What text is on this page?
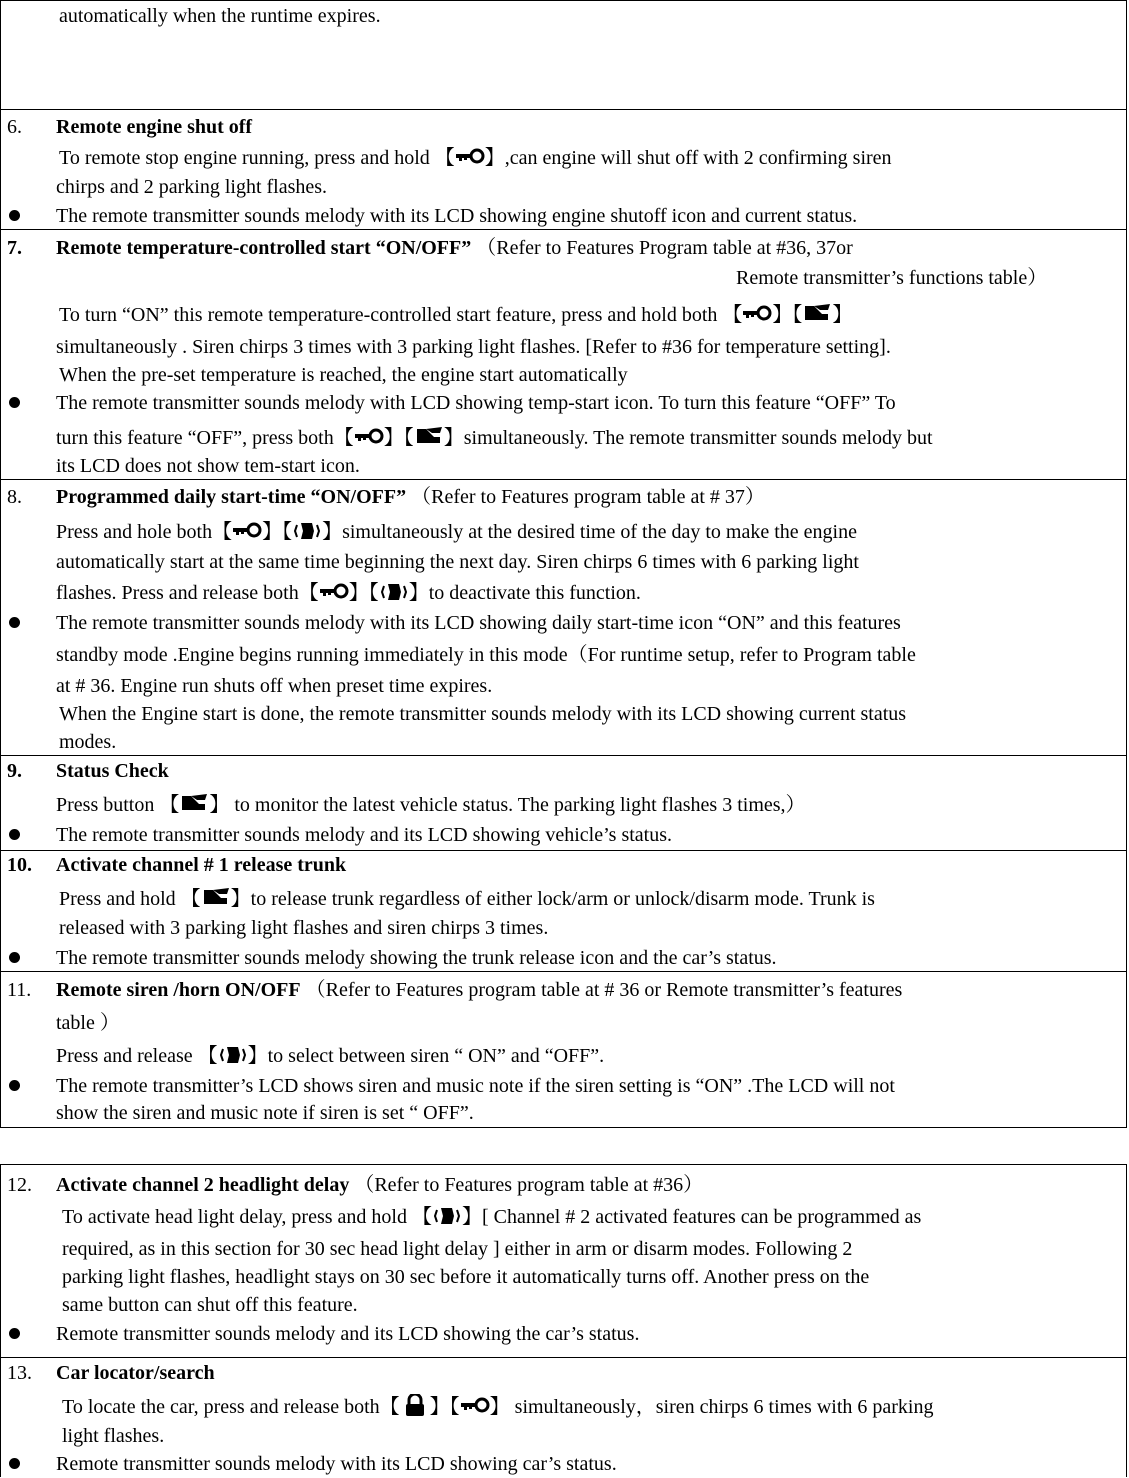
automatically when the runtime expires.
6. Remote engine shut off
To remote stop engine running, press and hold 【 】,can engine will shut off with 2 confirming siren
chirps and 2 parking light flashes.
The remote transmitter sounds melody with its LCD showing engine shutoff icon and current status.
7. Remote temperature-controlled start “ON/OFF” （Refer to Features Program table at #36, 37or
Remote transmitter’s functions table）
To turn “ON” this remote temperature-controlled start feature, press and hold both 【 】【 】
simultaneously . Siren chirps 3 times with 3 parking light flashes. [Refer to #36 for temperature setting].
When the pre-set temperature is reached, the engine start automatically
The remote transmitter sounds melody with LCD showing temp-start icon. To turn this feature “OFF” To
turn this feature “OFF”, press both【 】【 】simultaneously. The remote transmitter sounds melody but
its LCD does not show tem-start icon.
8. Programmed daily start-time “ON/OFF” （Refer to Features program table at # 37）
Press and hole both【 】【 】simultaneously at the desired time of the day to make the engine
automatically start at the same time beginning the next day. Siren chirps 6 times with 6 parking light
flashes. Press and release both【 】【 】to deactivate this function.
The remote transmitter sounds melody with its LCD showing daily start-time icon “ON” and this features
standby mode .Engine begins running immediately in this mode（For runtime setup, refer to Program table
at # 36. Engine run shuts off when preset time expires.
When the Engine start is done, the remote transmitter sounds melody with its LCD showing current status
modes.
9. Status Check
Press button 【 】 to monitor the latest vehicle status. The parking light flashes 3 times,）
The remote transmitter sounds melody and its LCD showing vehicle’s status.
10. Activate channel # 1 release trunk
Press and hold 【 】to release trunk regardless of either lock/arm or unlock/disarm mode. Trunk is
released with 3 parking light flashes and siren chirps 3 times.
The remote transmitter sounds melody showing the trunk release icon and the car’s status.
11. Remote siren /horn ON/OFF （Refer to Features program table at # 36 or Remote transmitter’s features
table ）
Press and release 【 】to select between siren “ ON” and “OFF”.
The remote transmitter’s LCD shows siren and music note if the siren setting is “ON” .The LCD will not
show the siren and music note if siren is set “ OFF”.
12. Activate channel 2 headlight delay （Refer to Features program table at #36）
To activate head light delay, press and hold 【 】[ Channel # 2 activated features can be programmed as
required, as in this section for 30 sec head light delay ] either in arm or disarm modes. Following 2
parking light flashes, headlight stays on 30 sec before it automatically turns off. Another press on the
same button can shut off this feature.
Remote transmitter sounds melody and its LCD showing the car’s status.
13. Car locator/search
To locate the car, press and release both【 】【 】 simultaneously，siren chirps 6 times with 6 parking
light flashes.
Remote transmitter sounds melody with its LCD showing car’s status.
